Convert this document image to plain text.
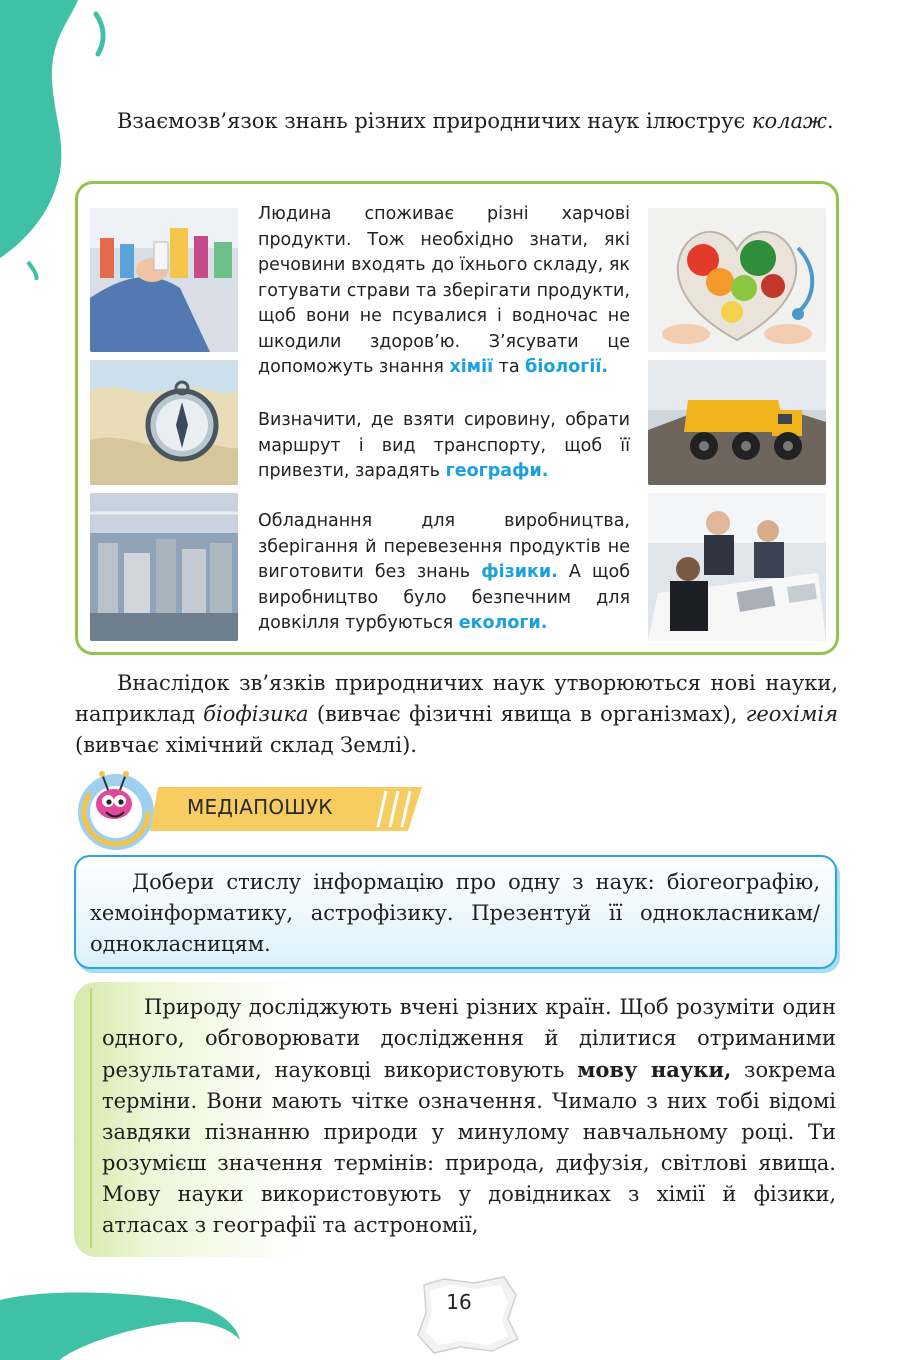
Взаємозв’язок знань різних природничих наук ілюструє колаж.

Людина споживає різні харчові продукти. Тож необхідно знати, які речовини входять до їхнього складу, як готувати страви та зберігати продукти, щоб вони не псувалися і водночас не шкодили здоров’ю. З’ясувати це допоможуть знання хімії та біології.

Визначити, де взяти сировину, обрати маршрут і вид транспорту, щоб її привезти, зарадять географи.

Обладнання для виробництва, зберігання й перевезення продуктів не виготовити без знань фізики. А щоб виробництво було безпечним для довкілля турбуються екологи.

Внаслідок зв’язків природничих наук утворюються нові науки, наприклад біофізика (вивчає фізичні явища в організмах), геохімія (вивчає хімічний склад Землі).

МЕДІАПОШУК

Добери стислу інформацію про одну з наук: біогеографію, хемоінформатику, астрофізику. Презентуй її однокласникам/однокласницям.

Природу досліджують вчені різних країн. Щоб розуміти один одного, обговорювати дослідження й ділитися отриманими результатами, науковці використовують мову науки, зокрема терміни. Вони мають чітке означення. Чимало з них тобі відомі завдяки пізнанню природи у минулому навчальному році. Ти розумієш значення термінів: природа, дифузія, світлові явища. Мову науки використовують у довідниках з хімії й фізики, атласах з географії та астрономії,

16
